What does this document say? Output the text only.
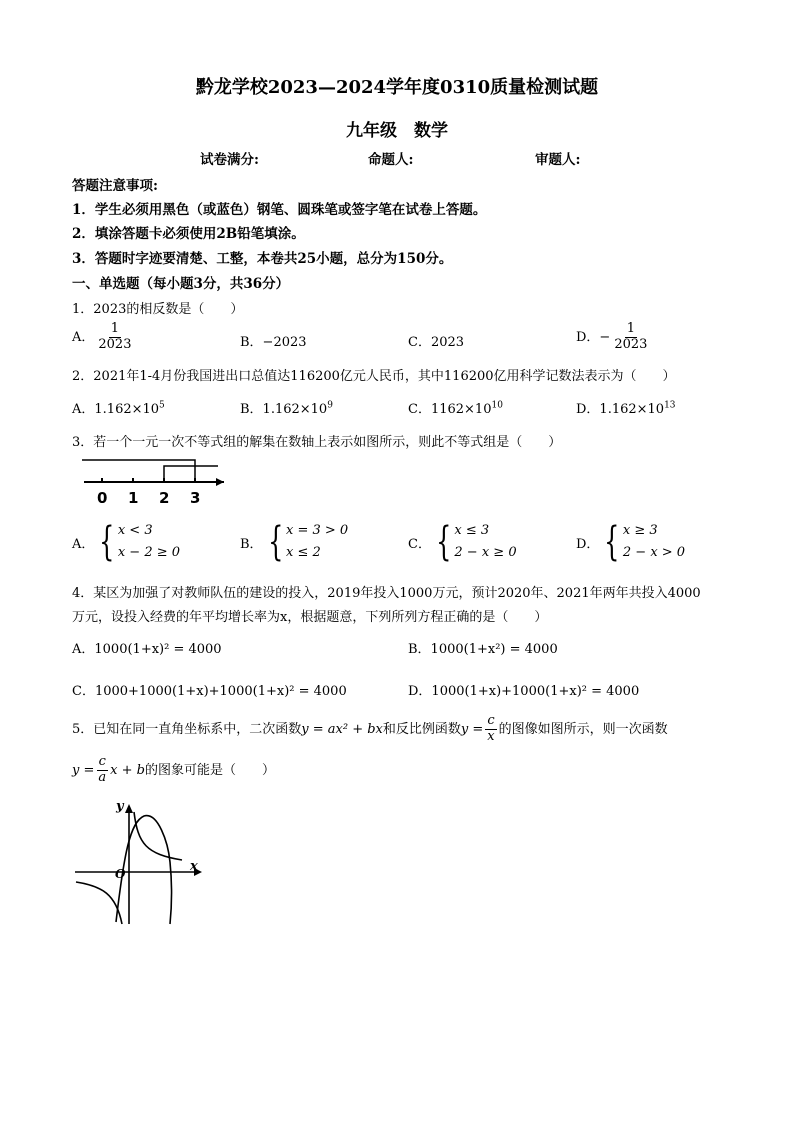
黔龙学校2023—2024学年度0310质量检测试题
九年级　数学
试卷满分:	命题人:	审题人:
答题注意事项:
1．学生必须用黑色（或蓝色）钢笔、圆珠笔或签字笔在试卷上答题。
2．填涂答题卡必须使用2B铅笔填涂。
3．答题时字迹要清楚、工整，本卷共25小题，总分为150分。
一、单选题（每小题3分，共36分）
1．2023的相反数是（　　）
A． $\frac{1}{2023}$	B．−2023	C．2023	D．− $\frac{1}{2023}$
2．2021年1-4月份我国进出口总值达116200亿元人民币，其中116200亿用科学记数法表示为（　　）
A．$1.162\times 10^5$	B．$1.162\times 10^9$	C．$1162\times 10^{10}$	D．$1.162\times 10^{13}$
3．若一个一元一次不等式组的解集在数轴上表示如图所示，则此不等式组是（　　）
0 1 2 3
A． { x < 3
x − 2 ≥ 0
B． { x = 3 > 0
x ≤ 2
C． { x ≤ 3
2 − x ≥ 0
D． { x ≥ 3
2 − x > 0
4．某区为加强了对教师队伍的建设的投入，2019年投入1000万元，预计2020年、2021年两年共投入4000
万元，设投入经费的年平均增长率为x，根据题意，下列所列方程正确的是（　　）
A．1000(1+x)² = 4000	B．1000(1+x²) = 4000
C．1000+1000(1+x)+1000(1+x)² = 4000	D．1000(1+x)+1000(1+x)² = 4000
5．已知在同一直角坐标系中，二次函数y = ax² + bx和反比例函数$y = \frac{c}{x}$ 的图像如图所示，则一次函数
$y = \frac{c}{a}$ x + b的图象可能是（　　）
y
x
O
